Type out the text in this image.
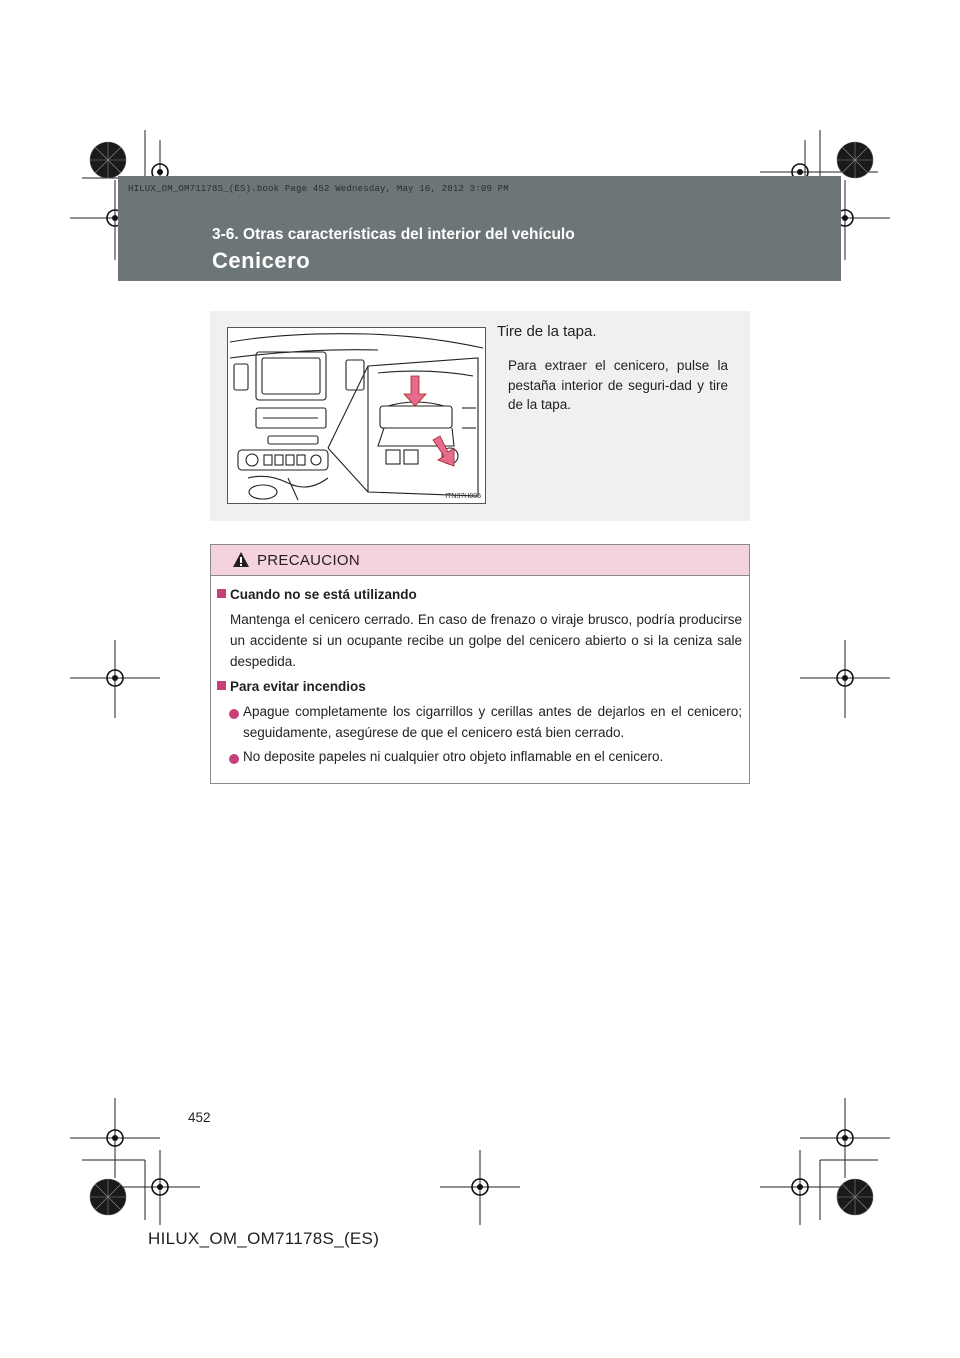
HILUX_OM_OM71178S_(ES).book Page 452 Wednesday, May 16, 2012 3:09 PM
3-6. Otras características del interior del vehículo
Cenicero
ITN37H005
Tire de la tapa.
Para extraer el cenicero, pulse la pestaña interior de seguri-dad y tire de la tapa.
PRECAUCION
Cuando no se está utilizando
Mantenga el cenicero cerrado. En caso de frenazo o viraje brusco, podría producirse un accidente si un ocupante recibe un golpe del cenicero abierto o si la ceniza sale despedida.
Para evitar incendios
Apague completamente los cigarrillos y cerillas antes de dejarlos en el cenicero; seguidamente, asegúrese de que el cenicero está bien cerrado.
No deposite papeles ni cualquier otro objeto inflamable en el cenicero.
452
HILUX_OM_OM71178S_(ES)
